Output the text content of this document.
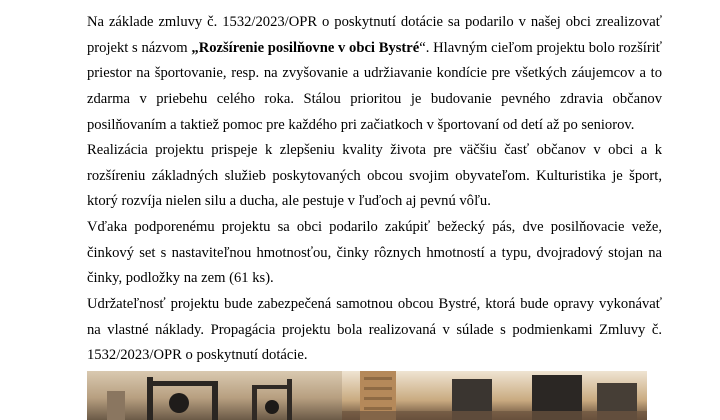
Na základe zmluvy č. 1532/2023/OPR o poskytnutí dotácie sa podarilo v našej obci zrealizovať projekt s názvom „Rozšírenie posilňovne v obci Bystré“. Hlavným cieľom projektu bolo rozšíriť priestor na športovanie, resp. na zvyšovanie a udržiavanie kondície pre všetkých záujemcov a to zdarma v priebehu celého roka. Stálou prioritou je budovanie pevného zdravia občanov posilňovaním a taktiež pomoc pre každého pri začiatkoch v športovaní od detí až po seniorov.

Realizácia projektu prispeje k zlepšeniu kvality života pre väčšiu časť občanov v obci a k rozšíreniu základných služieb poskytovaných obcou svojim obyvateľom. Kulturistika je šport, ktorý rozvíja nielen silu a ducha, ale pestuje v ľuďoch aj pevnú vôľu.

Vďaka podporenému projektu sa obci podarilo zakúpiť bežecký pás, dve posilňovacie veže, činkový set s nastaviteľnou hmotnosťou, činky rôznych hmotností a typu, dvojradový stojan na činky, podložky na zem (61 ks).

Udržateľnosť projektu bude zabezpečená samotnou obcou Bystré, ktorá bude opravy vykonávať na vlastné náklady. Propagácia projektu bola realizovaná v súlade s podmienkami Zmluvy č. 1532/2023/OPR o poskytnutí dotácie.
